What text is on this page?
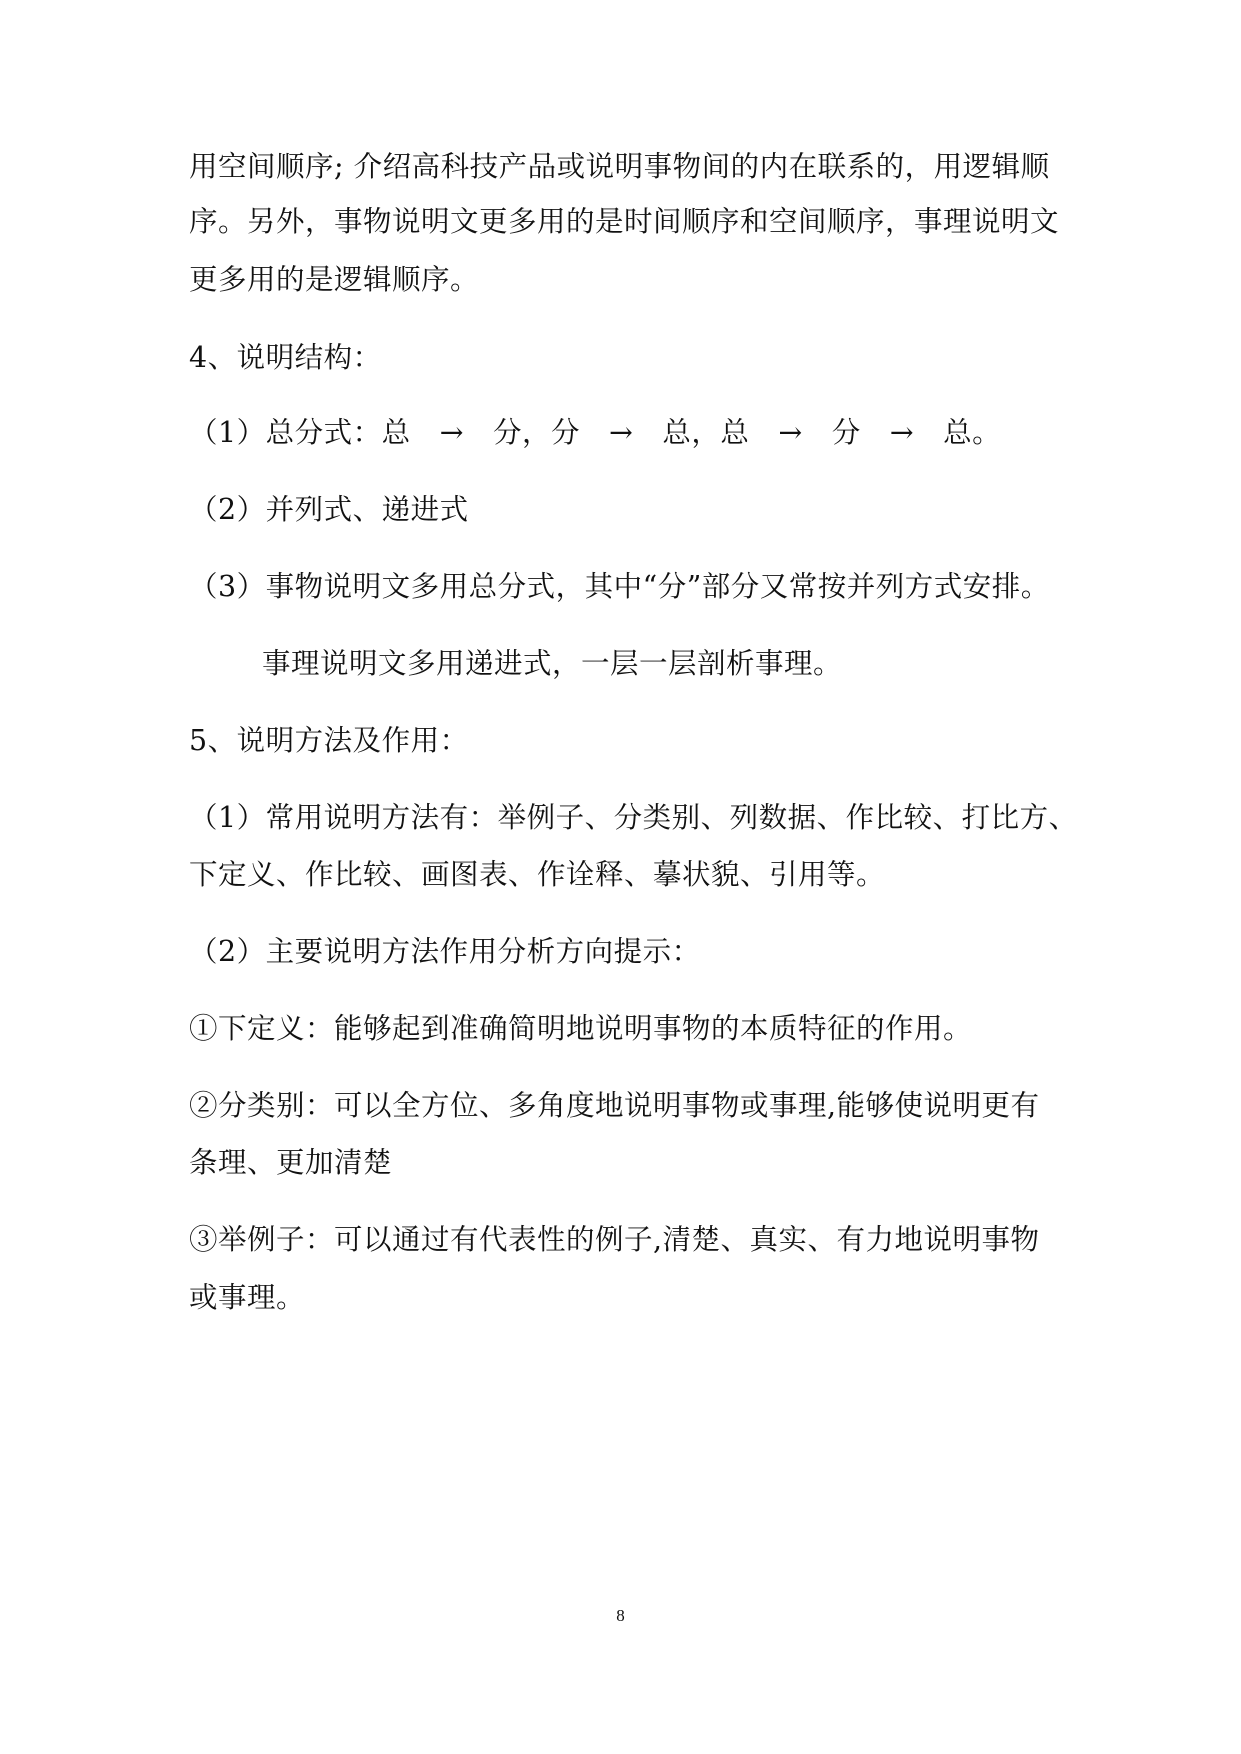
用空间顺序; 介绍高科技产品或说明事物间的内在联系的，用逻辑顺
序。另外，事物说明文更多用的是时间顺序和空间顺序，事理说明文
更多用的是逻辑顺序。
4、说明结构：
（1）总分式：总　→　分，分　→　总，总　→　分　→　总。
（2）并列式、递进式
（3）事物说明文多用总分式，其中“分”部分又常按并列方式安排。
事理说明文多用递进式，一层一层剖析事理。
5、说明方法及作用：
（1）常用说明方法有：举例子、分类别、列数据、作比较、打比方、
下定义、作比较、画图表、作诠释、摹状貌、引用等。
（2）主要说明方法作用分析方向提示：
①下定义：能够起到准确简明地说明事物的本质特征的作用。
②分类别：可以全方位、多角度地说明事物或事理,能够使说明更有
条理、更加清楚
③举例子：可以通过有代表性的例子,清楚、真实、有力地说明事物
或事理。
8
